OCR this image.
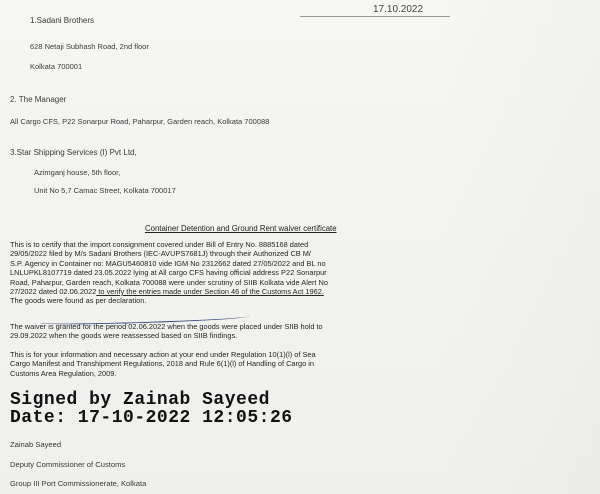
17.10.2022
1.Sadani Brothers
628 Netaji Subhash Road, 2nd floor
Kolkata 700001
2. The Manager
All Cargo CFS, P22 Sonarpur Road, Paharpur, Garden reach, Kolkata 700088
3.Star Shipping Services (I) Pvt Ltd,
Azimganj house, 5th floor,
Unit No 5,7 Camac Street, Kolkata 700017
Container Detention and Ground Rent waiver certificate
This is to certify that the import consignment covered under Bill of Entry No. 8885168 dated
29/05/2022 filed by M/s Sadani Brothers (IEC-AVUPS7681J) through their Authorized CB M/
S.P. Agency in Container no: MAGU5460810 vide IGM No 2312662 dated 27/05/2022 and BL no
LNLUPKL8107719 dated 23.05.2022 lying at All cargo CFS having official address P22 Sonarpur
Road, Paharpur, Garden reach, Kolkata 700088 were under scrutiny of SIIB Kolkata vide Alert No
27/2022 dated 02.06.2022 to verify the entries made under Section 46 of the Customs Act 1962.
The goods were found as per declaration.
The waiver is granted for the period 02.06.2022 when the goods were placed under SIIB hold to
29.09.2022 when the goods were reassessed based on SIIB findings.
This is for your information and necessary action at your end under Regulation 10(1)(l) of Sea
Cargo Manifest and Transhipment Regulations, 2018 and Rule 6(1)(l) of Handling of Cargo in
Customs Area Regulation, 2009.
Signed by Zainab Sayeed
Date: 17-10-2022 12:05:26
Zainab Sayeed
Deputy Commissioner of Customs
Group III Port Commissionerate, Kolkata
